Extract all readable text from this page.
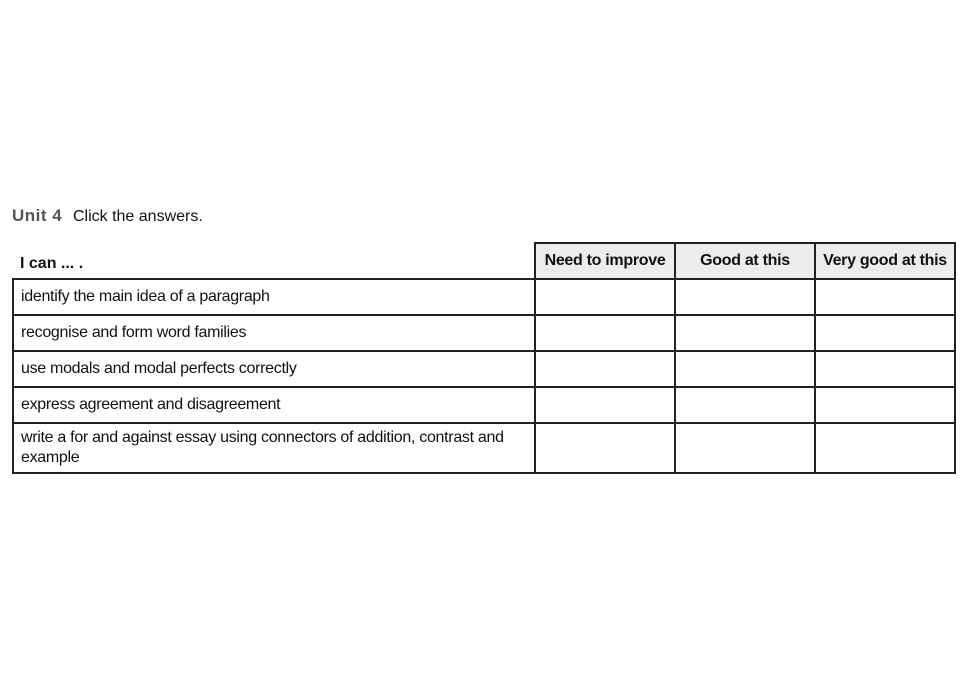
Unit 4 Click the answers.
I can ... .	Need to improve	Good at this	Very good at this
identify the main idea of a paragraph			
recognise and form word families			
use modals and modal perfects correctly			
express agreement and disagreement			
write a for and against essay using connectors of addition, contrast and example			
